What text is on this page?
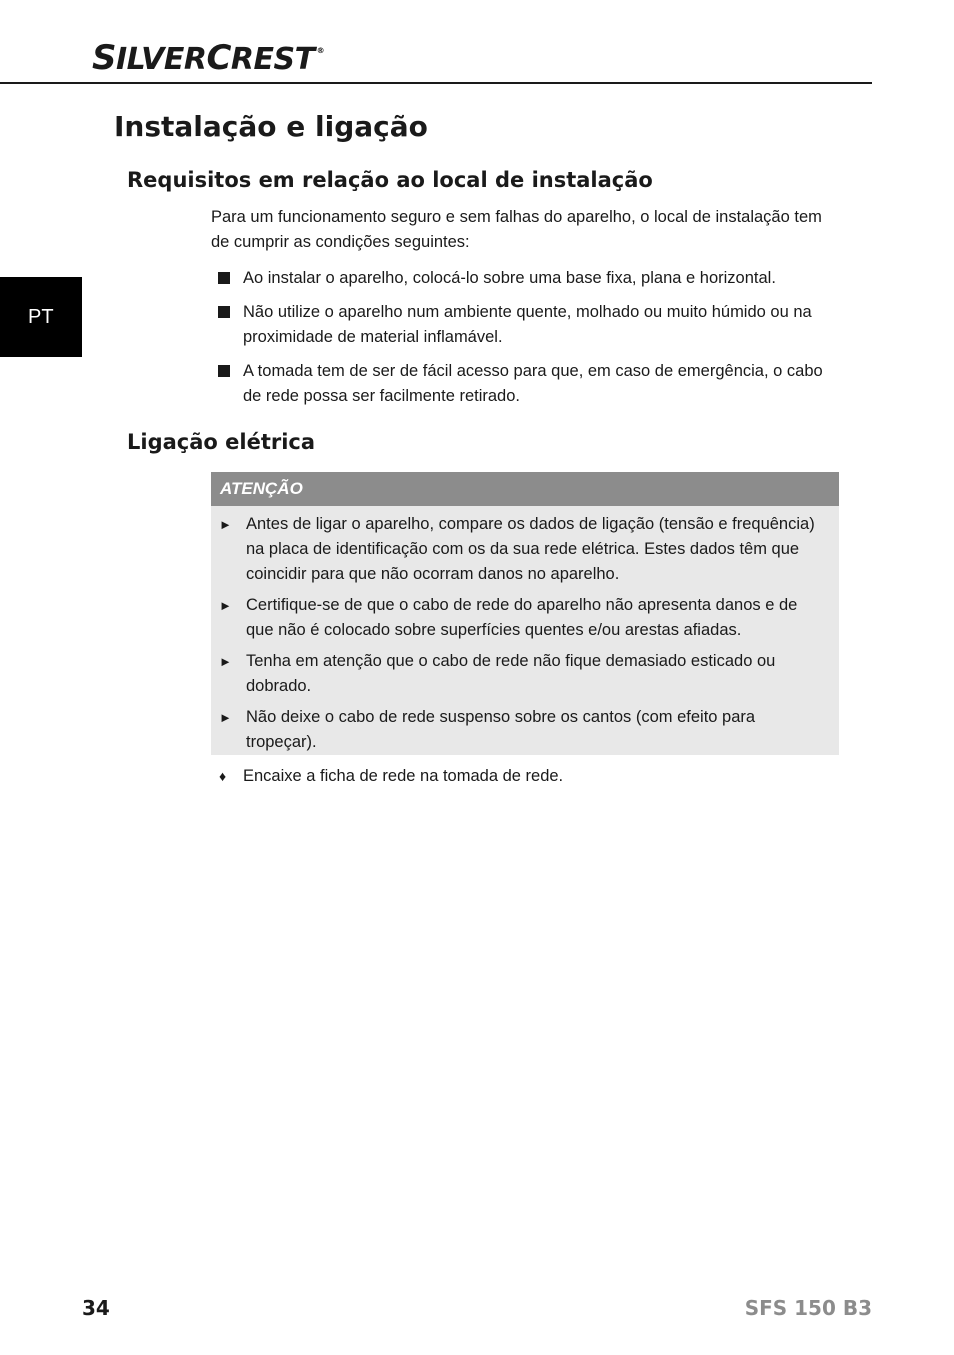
SILVERCREST ®
PT
Instalação e ligação
Requisitos em relação ao local de instalação

Para um funcionamento seguro e sem falhas do aparelho, o local de instalação tem de cumprir as condições seguintes:

Ao instalar o aparelho, colocá-lo sobre uma base fixa, plana e horizontal.
Não utilize o aparelho num ambiente quente, molhado ou muito húmido ou na proximidade de material inflamável.
A tomada tem de ser de fácil acesso para que, em caso de emergência, o cabo de rede possa ser facilmente retirado.
Ligação elétrica
ATENÇÃO
► Antes de ligar o aparelho, compare os dados de ligação (tensão e frequência) na placa de identificação com os da sua rede elétrica. Estes dados têm que coincidir para que não ocorram danos no aparelho.
► Certifique-se de que o cabo de rede do aparelho não apresenta danos e de que não é colocado sobre superfícies quentes e/ou arestas afiadas.
► Tenha em atenção que o cabo de rede não fique demasiado esticado ou dobrado.
► Não deixe o cabo de rede suspenso sobre os cantos (com efeito para tropeçar).
♦ Encaixe a ficha de rede na tomada de rede.
34	SFS 150 B3
